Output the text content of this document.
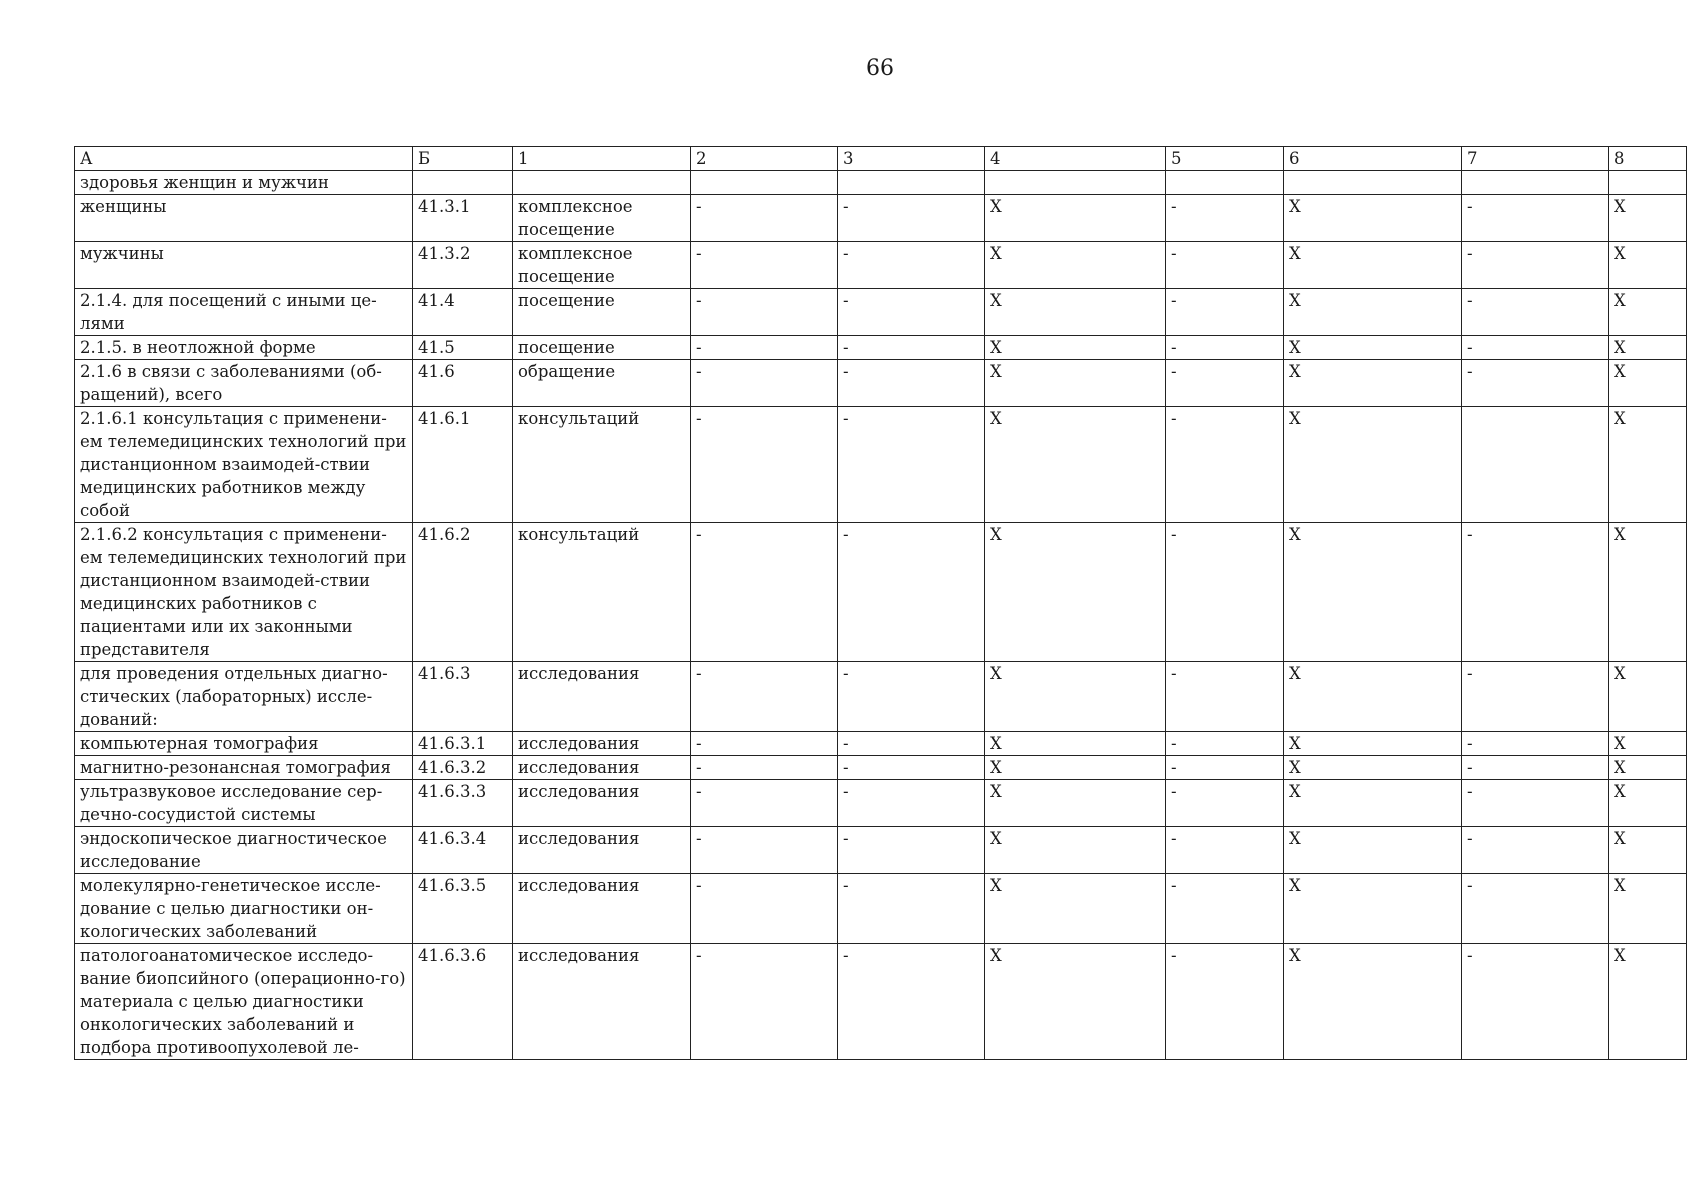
66
А	Б	1	2	3	4	5	6	7	8
здоровья женщин и мужчин									
женщины	41.3.1	комплексное посещение	-	-	X	-	X	-	X
мужчины	41.3.2	комплексное посещение	-	-	X	-	X	-	X
2.1.4. для посещений с иными це-лями	41.4	посещение	-	-	X	-	X	-	X
2.1.5. в неотложной форме	41.5	посещение	-	-	X	-	X	-	X
2.1.6 в связи с заболеваниями (об-ращений), всего	41.6	обращение	-	-	X	-	X	-	X
2.1.6.1 консультация с применени-ем телемедицинских технологий при дистанционном взаимодей-ствии медицинских работников между собой	41.6.1	консультаций	-	-	X	-	X		X
2.1.6.2 консультация с применени-ем телемедицинских технологий при дистанционном взаимодей-ствии медицинских работников с пациентами или их законными представителя	41.6.2	консультаций	-	-	X	-	X	-	X
для проведения отдельных диагно-стических (лабораторных) иссле-дований:	41.6.3	исследования	-	-	X	-	X	-	X
компьютерная томография	41.6.3.1	исследования	-	-	X	-	X	-	X
магнитно-резонансная томография	41.6.3.2	исследования	-	-	X	-	X	-	X
ультразвуковое исследование сер-дечно-сосудистой системы	41.6.3.3	исследования	-	-	X	-	X	-	X
эндоскопическое диагностическое исследование	41.6.3.4	исследования	-	-	X	-	X	-	X
молекулярно-генетическое иссле-дование с целью диагностики он-кологических заболеваний	41.6.3.5	исследования	-	-	X	-	X	-	X
патологоанатомическое исследо-вание биопсийного (операционно-го) материала с целью диагностики онкологических заболеваний и подбора противоопухолевой ле-	41.6.3.6	исследования	-	-	X	-	X	-	X
